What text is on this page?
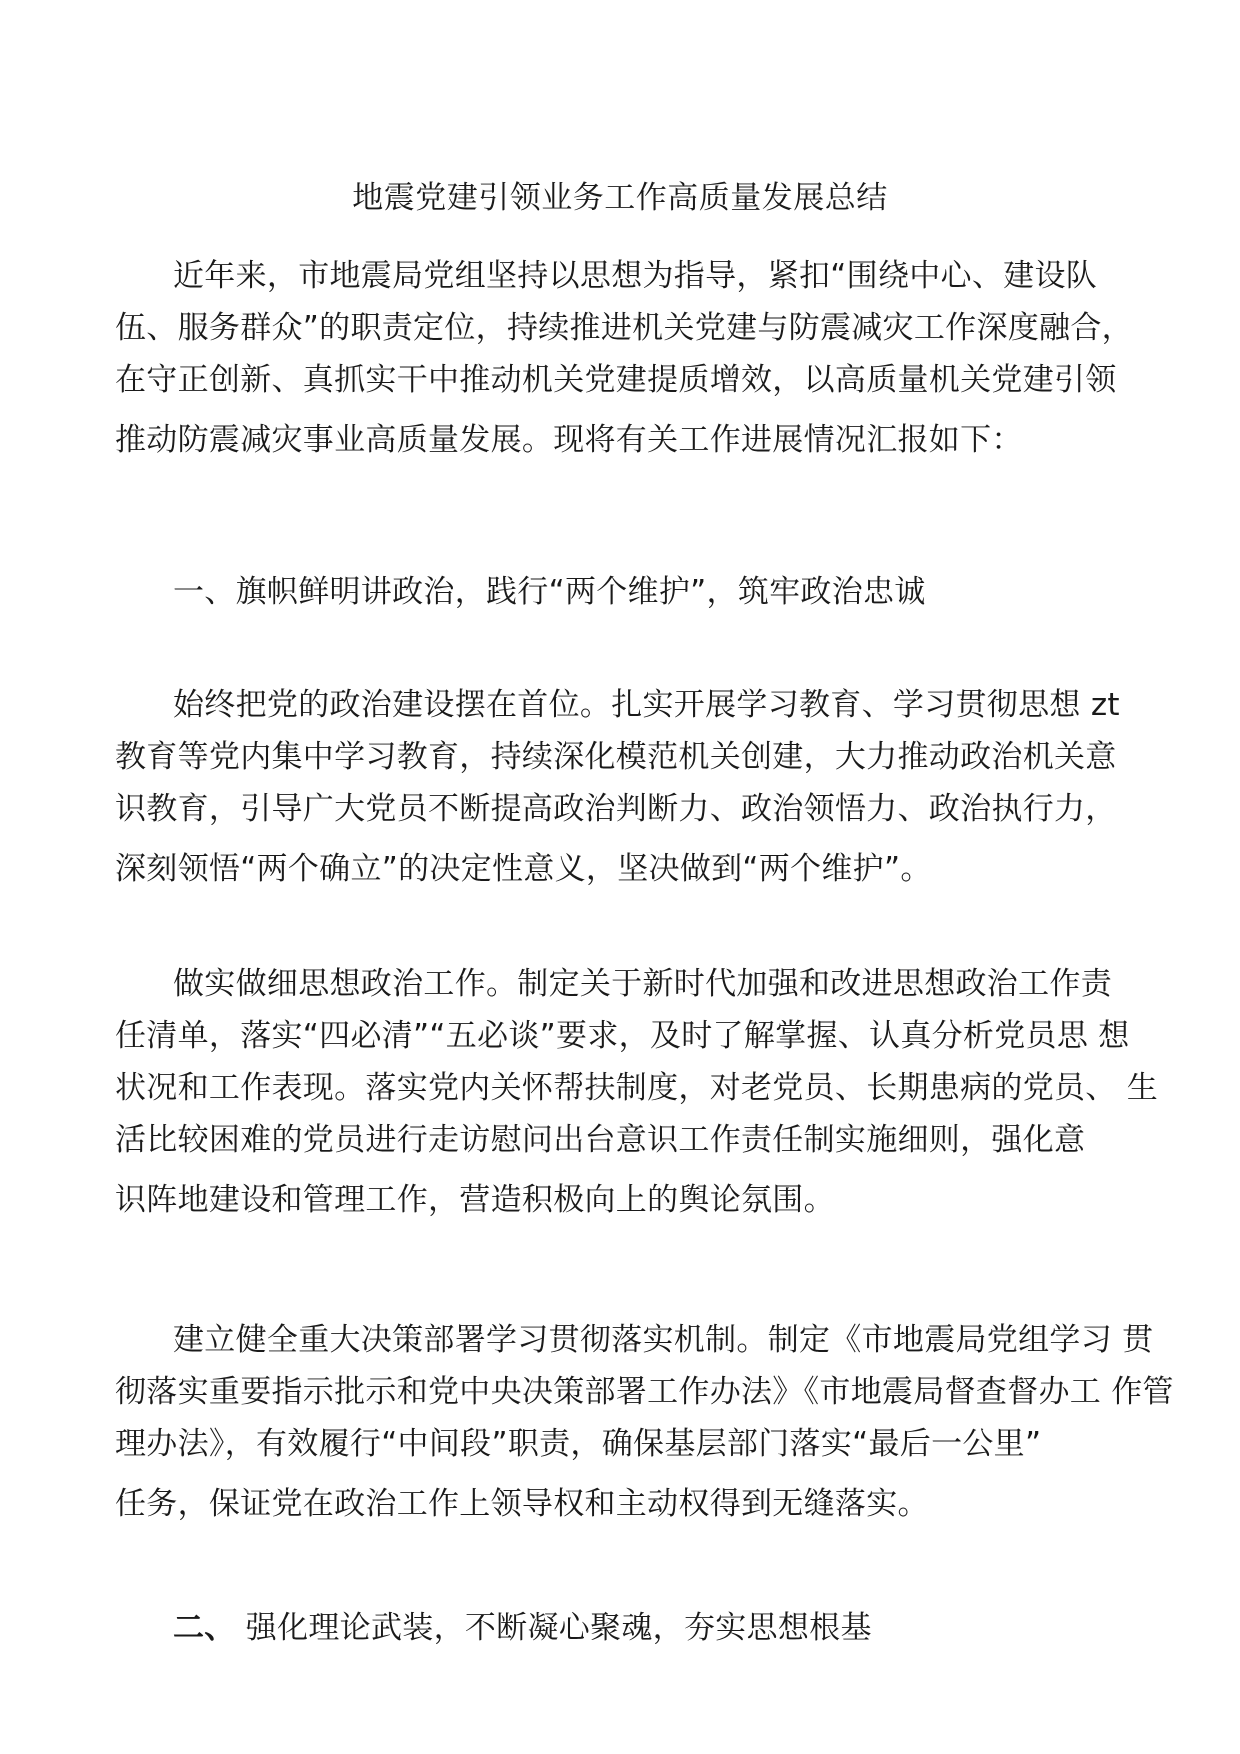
地震党建引领业务工作高质量发展总结
近年来，市地震局党组坚持以思想为指导，紧扣“围绕中心、建设队
伍、服务群众”的职责定位，持续推进机关党建与防震减灾工作深度融合，
在守正创新、真抓实干中推动机关党建提质增效，以高质量机关党建引领
推动防震减灾事业高质量发展。现将有关工作进展情况汇报如下：
一、旗帜鲜明讲政治，践行“两个维护”，筑牢政治忠诚
始终把党的政治建设摆在首位。扎实开展学习教育、学习贯彻思想 zt
教育等党内集中学习教育，持续深化模范机关创建，大力推动政治机关意
识教育，引导广大党员不断提高政治判断力、政治领悟力、政治执行力，
深刻领悟“两个确立”的决定性意义，坚决做到“两个维护”。
做实做细思想政治工作。制定关于新时代加强和改进思想政治工作责
任清单，落实“四必清”“五必谈”要求，及时了解掌握、认真分析党员思 想
状况和工作表现。落实党内关怀帮扶制度，对老党员、长期患病的党员、 生
活比较困难的党员进行走访慰问出台意识工作责任制实施细则，强化意
识阵地建设和管理工作，营造积极向上的舆论氛围。
建立健全重大决策部署学习贯彻落实机制。制定《市地震局党组学习 贯
彻落实重要指示批示和党中央决策部署工作办法》《市地震局督查督办工 作管
理办法》，有效履行“中间段”职责，确保基层部门落实“最后一公里”
任务，保证党在政治工作上领导权和主动权得到无缝落实。
二、 强化理论武装，不断凝心聚魂，夯实思想根基
